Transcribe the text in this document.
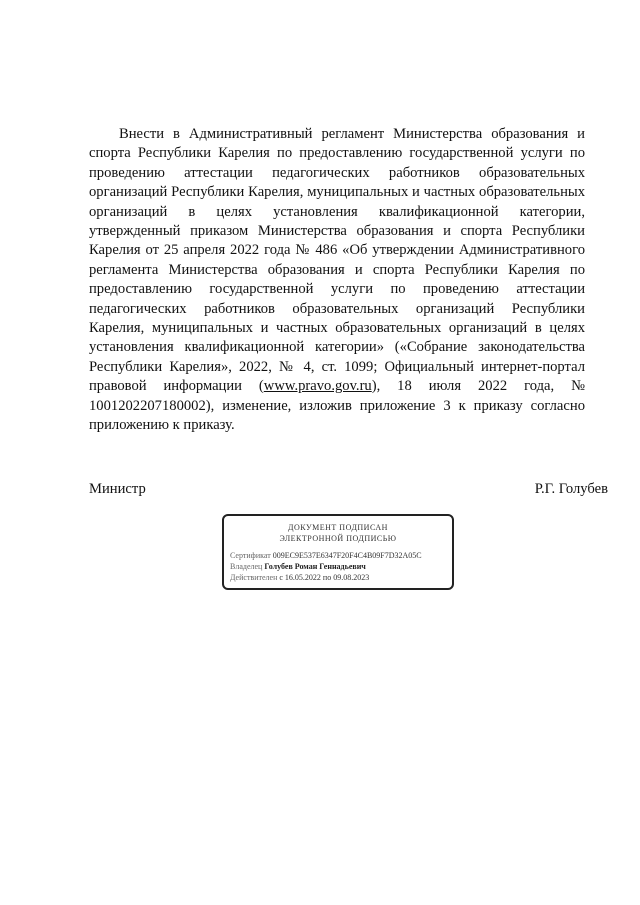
Внести в Административный регламент Министерства образования и спорта Республики Карелия по предоставлению государственной услуги по проведению аттестации педагогических работников образовательных организаций Республики Карелия, муниципальных и частных образовательных организаций в целях установления квалификационной категории, утвержденный приказом Министерства образования и спорта Республики Карелия от 25 апреля 2022 года № 486 «Об утверждении Административного регламента Министерства образования и спорта Республики Карелия по предоставлению государственной услуги по проведению аттестации педагогических работников образовательных организаций Республики Карелия, муниципальных и частных образовательных организаций в целях установления квалификационной категории» («Собрание законодательства Республики Карелия», 2022, № 4, ст. 1099; Официальный интернет-портал правовой информации (www.pravo.gov.ru), 18 июля 2022 года, № 1001202207180002), изменение, изложив приложение 3 к приказу согласно приложению к приказу.

Министр	Р.Г. Голубев
ДОКУМЕНТ ПОДПИСАН
ЭЛЕКТРОННОЙ ПОДПИСЬЮ
Сертификат 009EC9E537E6347F20F4C4B09F7D32A05C
Владелец Голубев Роман Геннадьевич
Действителен с 16.05.2022 по 09.08.2023
